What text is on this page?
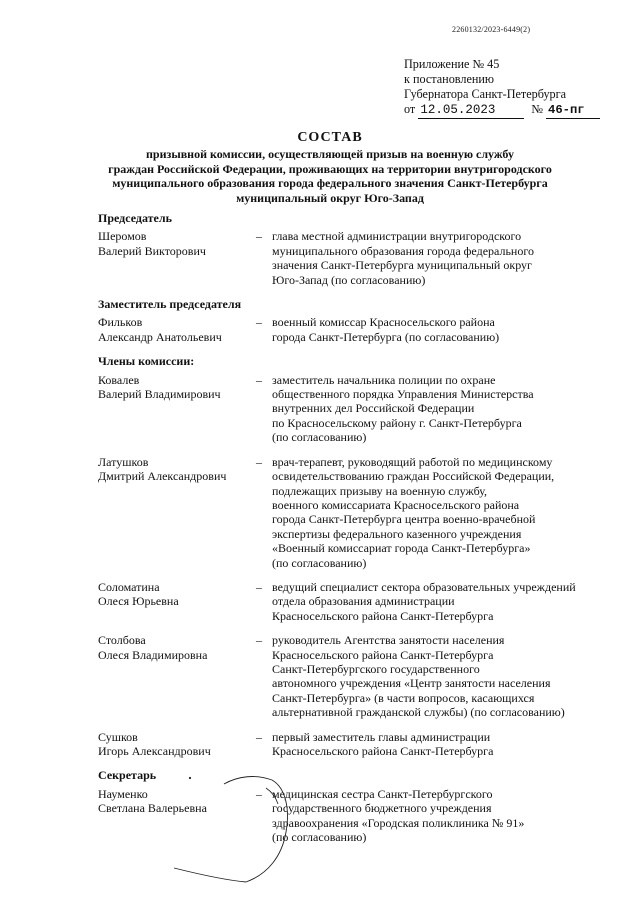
2260132/2023-6449(2)
Приложение № 45
к постановлению
Губернатора Санкт-Петербурга
от 12.05.2023	№ 46-пг
СОСТАВ
призывной комиссии, осуществляющей призыв на военную службу
граждан Российской Федерации, проживающих на территории внутригородского
муниципального образования города федерального значения Санкт-Петербурга
муниципальный округ Юго-Запад
Председатель
Шеромов
Валерий Викторович
– глава местной администрации внутригородского
муниципального образования города федерального
значения Санкт-Петербурга муниципальный округ
Юго-Запад (по согласованию)
Заместитель председателя
Фильков
Александр Анатольевич
– военный комиссар Красносельского района
города Санкт-Петербурга (по согласованию)
Члены комиссии:
Ковалев
Валерий Владимирович
– заместитель начальника полиции по охране
общественного порядка Управления Министерства
внутренних дел Российской Федерации
по Красносельскому району г. Санкт-Петербурга
(по согласованию)
Латушков
Дмитрий Александрович
– врач-терапевт, руководящий работой по медицинскому
освидетельствованию граждан Российской Федерации,
подлежащих призыву на военную службу,
военного комиссариата Красносельского района
города Санкт-Петербурга центра военно-врачебной
экспертизы федерального казенного учреждения
«Военный комиссариат города Санкт-Петербурга»
(по согласованию)
Соломатина
Олеся Юрьевна
– ведущий специалист сектора образовательных учреждений
отдела образования администрации
Красносельского района Санкт-Петербурга
Столбова
Олеся Владимировна
– руководитель Агентства занятости населения
Красносельского района Санкт-Петербурга
Санкт-Петербургского государственного
автономного учреждения «Центр занятости населения
Санкт-Петербурга» (в части вопросов, касающихся
альтернативной гражданской службы) (по согласованию)
Сушков
Игорь Александрович
– первый заместитель главы администрации
Красносельского района Санкт-Петербурга
Секретарь
Науменко
Светлана Валерьевна
– медицинская сестра Санкт-Петербургского
государственного бюджетного учреждения
здравоохранения «Городская поликлиника № 91»
(по согласованию)
